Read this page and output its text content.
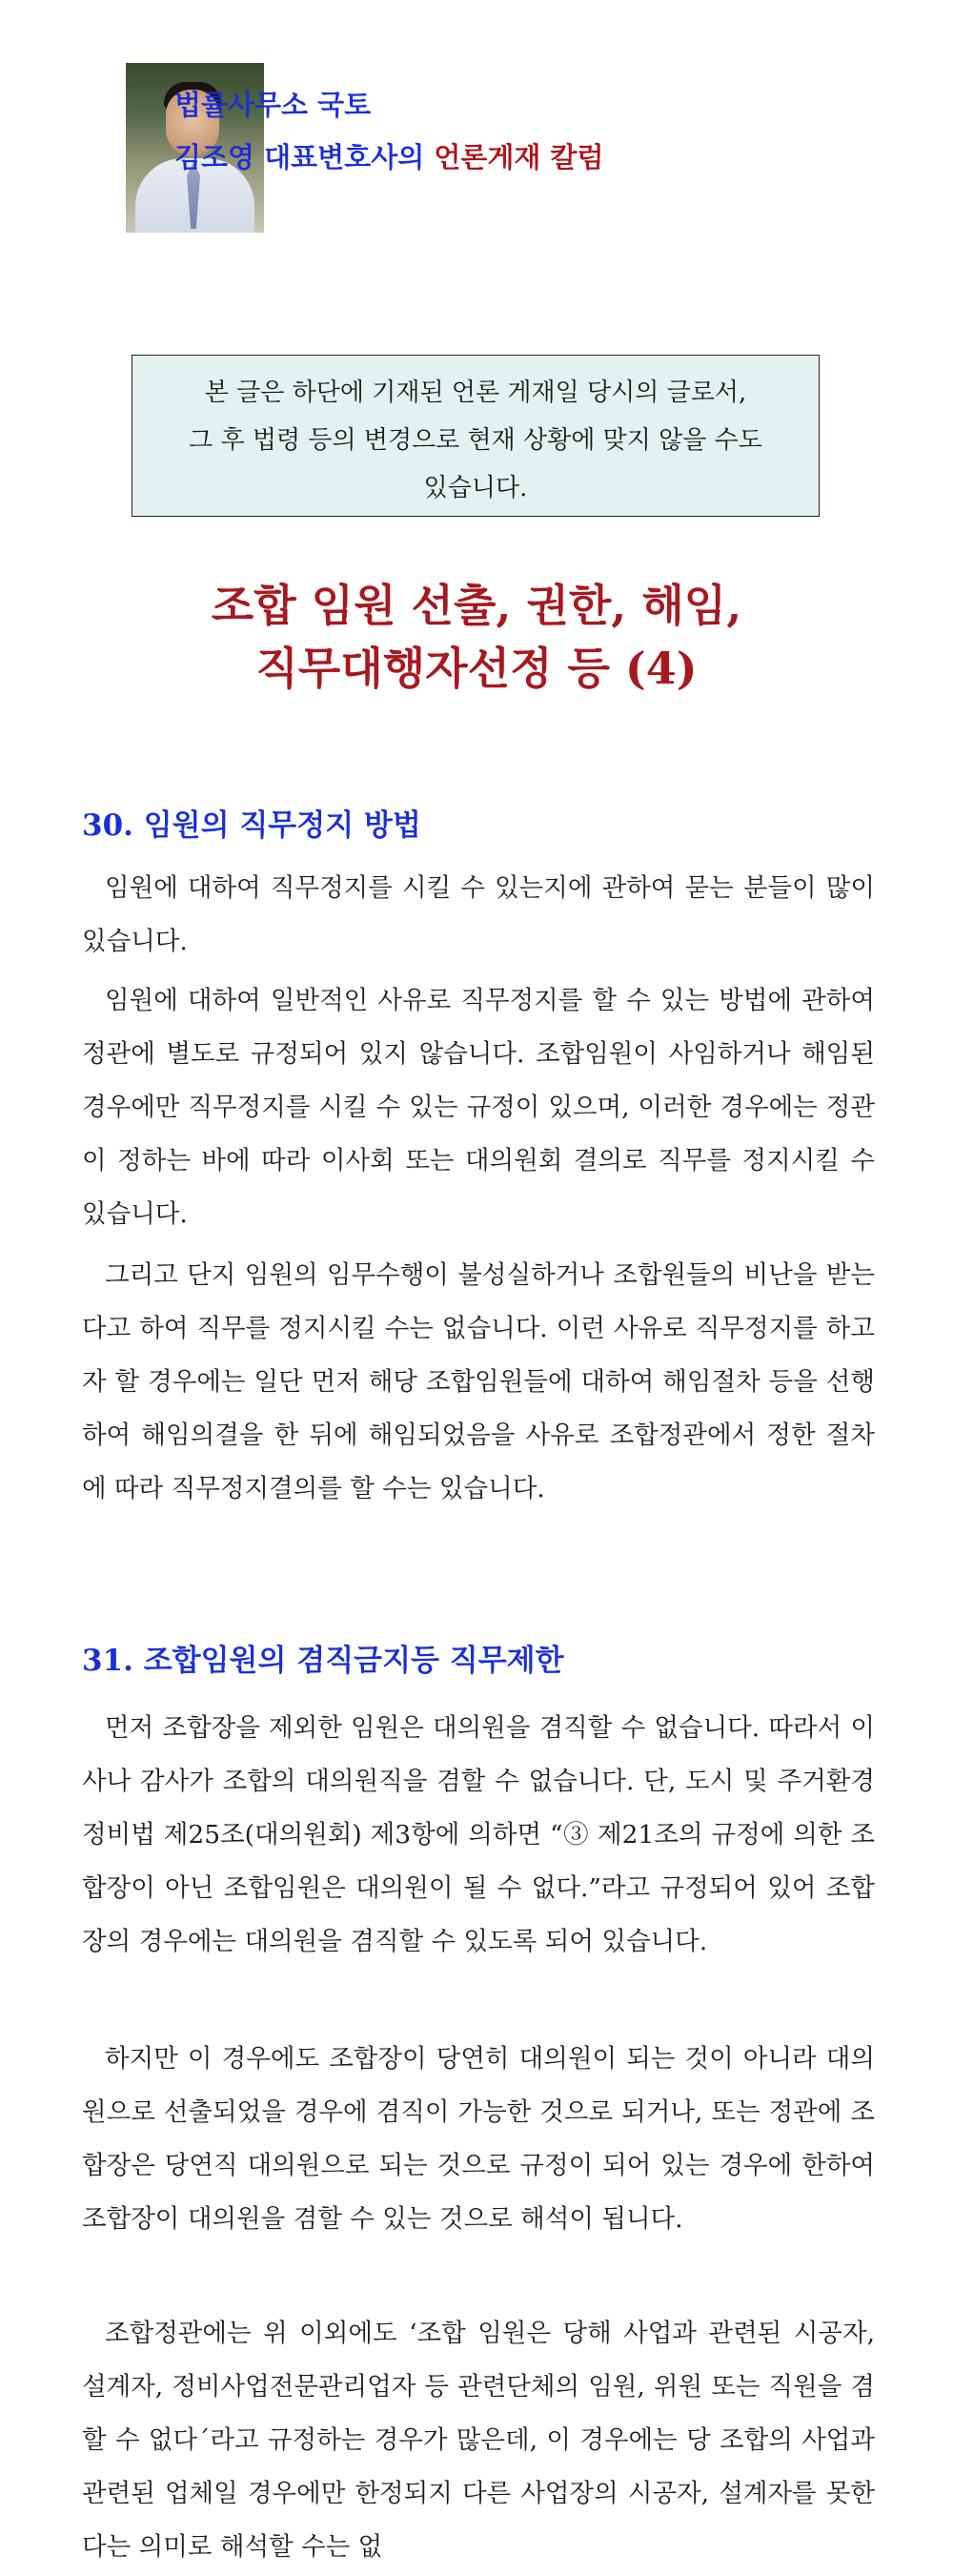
법률사무소 국토
김조영 대표변호사의 언론게재 칼럼
본 글은 하단에 기재된 언론 게재일 당시의 글로서,
그 후 법령 등의 변경으로 현재 상황에 맞지 않을 수도
있습니다.
조합 임원 선출, 권한, 해임,
직무대행자선정 등 (4)
30. 임원의 직무정지 방법
임원에 대하여 직무정지를 시킬 수 있는지에 관하여 묻는 분들이 많이 있습니다.
임원에 대하여 일반적인 사유로 직무정지를 할 수 있는 방법에 관하여 정관에 별도로 규정되어 있지 않습니다. 조합임원이 사임하거나 해임된 경우에만 직무정지를 시킬 수 있는 규정이 있으며, 이러한 경우에는 정관이 정하는 바에 따라 이사회 또는 대의원회 결의로 직무를 정지시킬 수 있습니다.
그리고 단지 임원의 임무수행이 불성실하거나 조합원들의 비난을 받는다고 하여 직무를 정지시킬 수는 없습니다. 이런 사유로 직무정지를 하고자 할 경우에는 일단 먼저 해당 조합임원들에 대하여 해임절차 등을 선행하여 해임의결을 한 뒤에 해임되었음을 사유로 조합정관에서 정한 절차에 따라 직무정지결의를 할 수는 있습니다.
31. 조합임원의 겸직금지등 직무제한
먼저 조합장을 제외한 임원은 대의원을 겸직할 수 없습니다. 따라서 이사나 감사가 조합의 대의원직을 겸할 수 없습니다. 단, 도시 및 주거환경정비법 제25조(대의원회) 제3항에 의하면 “③ 제21조의 규정에 의한 조합장이 아닌 조합임원은 대의원이 될 수 없다.”라고 규정되어 있어 조합장의 경우에는 대의원을 겸직할 수 있도록 되어 있습니다.
하지만 이 경우에도 조합장이 당연히 대의원이 되는 것이 아니라 대의원으로 선출되었을 경우에 겸직이 가능한 것으로 되거나, 또는 정관에 조합장은 당연직 대의원으로 되는 것으로 규정이 되어 있는 경우에 한하여 조합장이 대의원을 겸할 수 있는 것으로 해석이 됩니다.
조합정관에는 위 이외에도 ‘조합 임원은 당해 사업과 관련된 시공자, 설계자, 정비사업전문관리업자 등 관련단체의 임원, 위원 또는 직원을 겸할 수 없다´라고 규정하는 경우가 많은데, 이 경우에는 당 조합의 사업과 관련된 업체일 경우에만 한정되지 다른 사업장의 시공자, 설계자를 못한다는 의미로 해석할 수는 없
